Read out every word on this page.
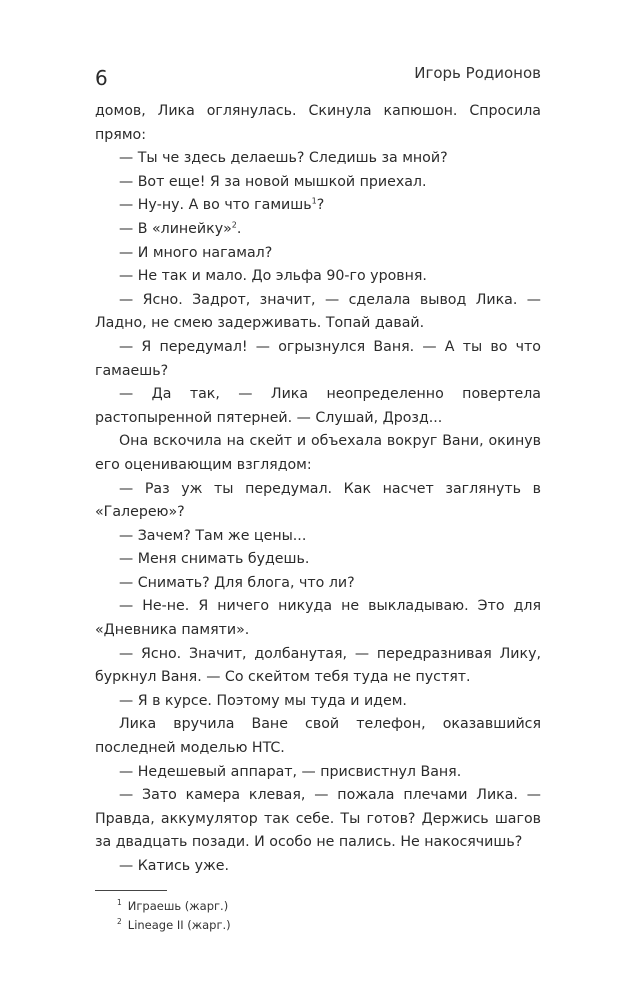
6	Игорь Родионов

домов, Лика оглянулась. Скинула капюшон. Спросила прямо:

— Ты че здесь делаешь? Следишь за мной?

— Вот еще! Я за новой мышкой приехал.

— Ну-ну. А во что гамишь$^1$?

— В «линейку»$^2$.

— И много нагамал?

— Не так и мало. До эльфа 90-го уровня.

— Ясно. Задрот, значит, — сделала вывод Лика. — Ладно, не смею задерживать. Топай давай.

— Я передумал! — огрызнулся Ваня. — А ты во что гамаешь?

— Да так, — Лика неопределенно повертела растопыренной пятерней. — Слушай, Дрозд...

Она вскочила на скейт и объехала вокруг Вани, окинув его оценивающим взглядом:

— Раз уж ты передумал. Как насчет заглянуть в «Галерею»?

— Зачем? Там же цены...

— Меня снимать будешь.

— Снимать? Для блога, что ли?

— Не-не. Я ничего никуда не выкладываю. Это для «Дневника памяти».

— Ясно. Значит, долбанутая, — передразнивая Лику, буркнул Ваня. — Со скейтом тебя туда не пустят.

— Я в курсе. Поэтому мы туда и идем.

Лика вручила Ване свой телефон, оказавшийся последней моделью HTC.

— Недешевый аппарат, — присвистнул Ваня.

— Зато камера клевая, — пожала плечами Лика. — Правда, аккумулятор так себе. Ты готов? Держись шагов за двадцать позади. И особо не пались. Не накосячишь?

— Катись уже.

$^1$ Играешь (жарг.)
$^2$ Lineage II (жарг.)
